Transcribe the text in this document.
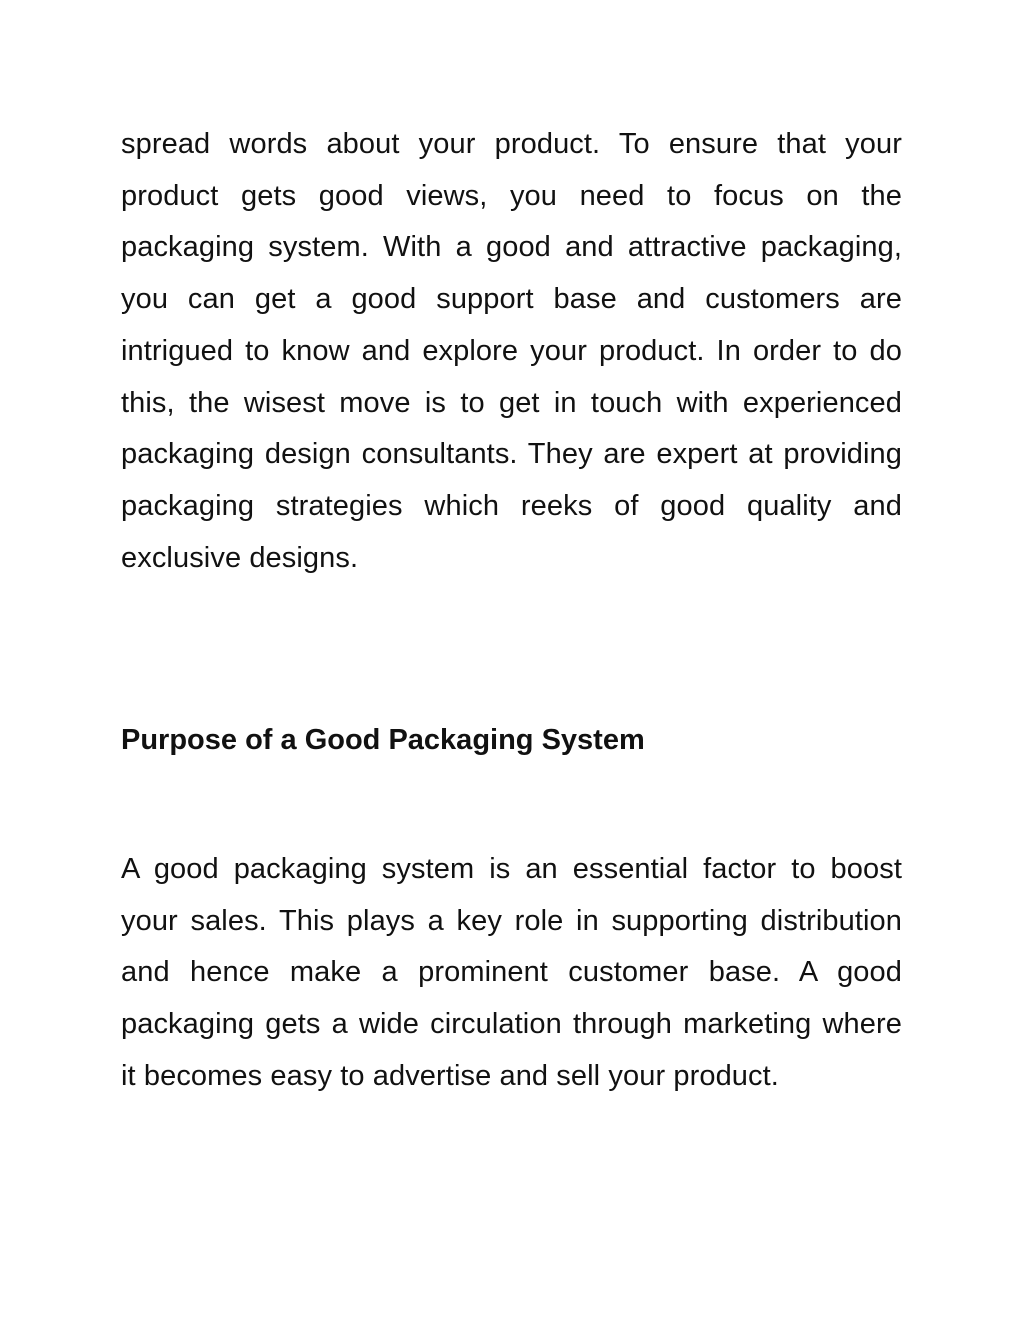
spread words about your product. To ensure that your product gets good views, you need to focus on the packaging system. With a good and attractive packaging, you can get a good support base and customers are intrigued to know and explore your product. In order to do this, the wisest move is to get in touch with experienced packaging design consultants. They are expert at providing packaging strategies which reeks of good quality and exclusive designs.

Purpose of a Good Packaging System

A good packaging system is an essential factor to boost your sales. This plays a key role in supporting distribution and hence make a prominent customer base. A good packaging gets a wide circulation through marketing where it becomes easy to advertise and sell your product.
